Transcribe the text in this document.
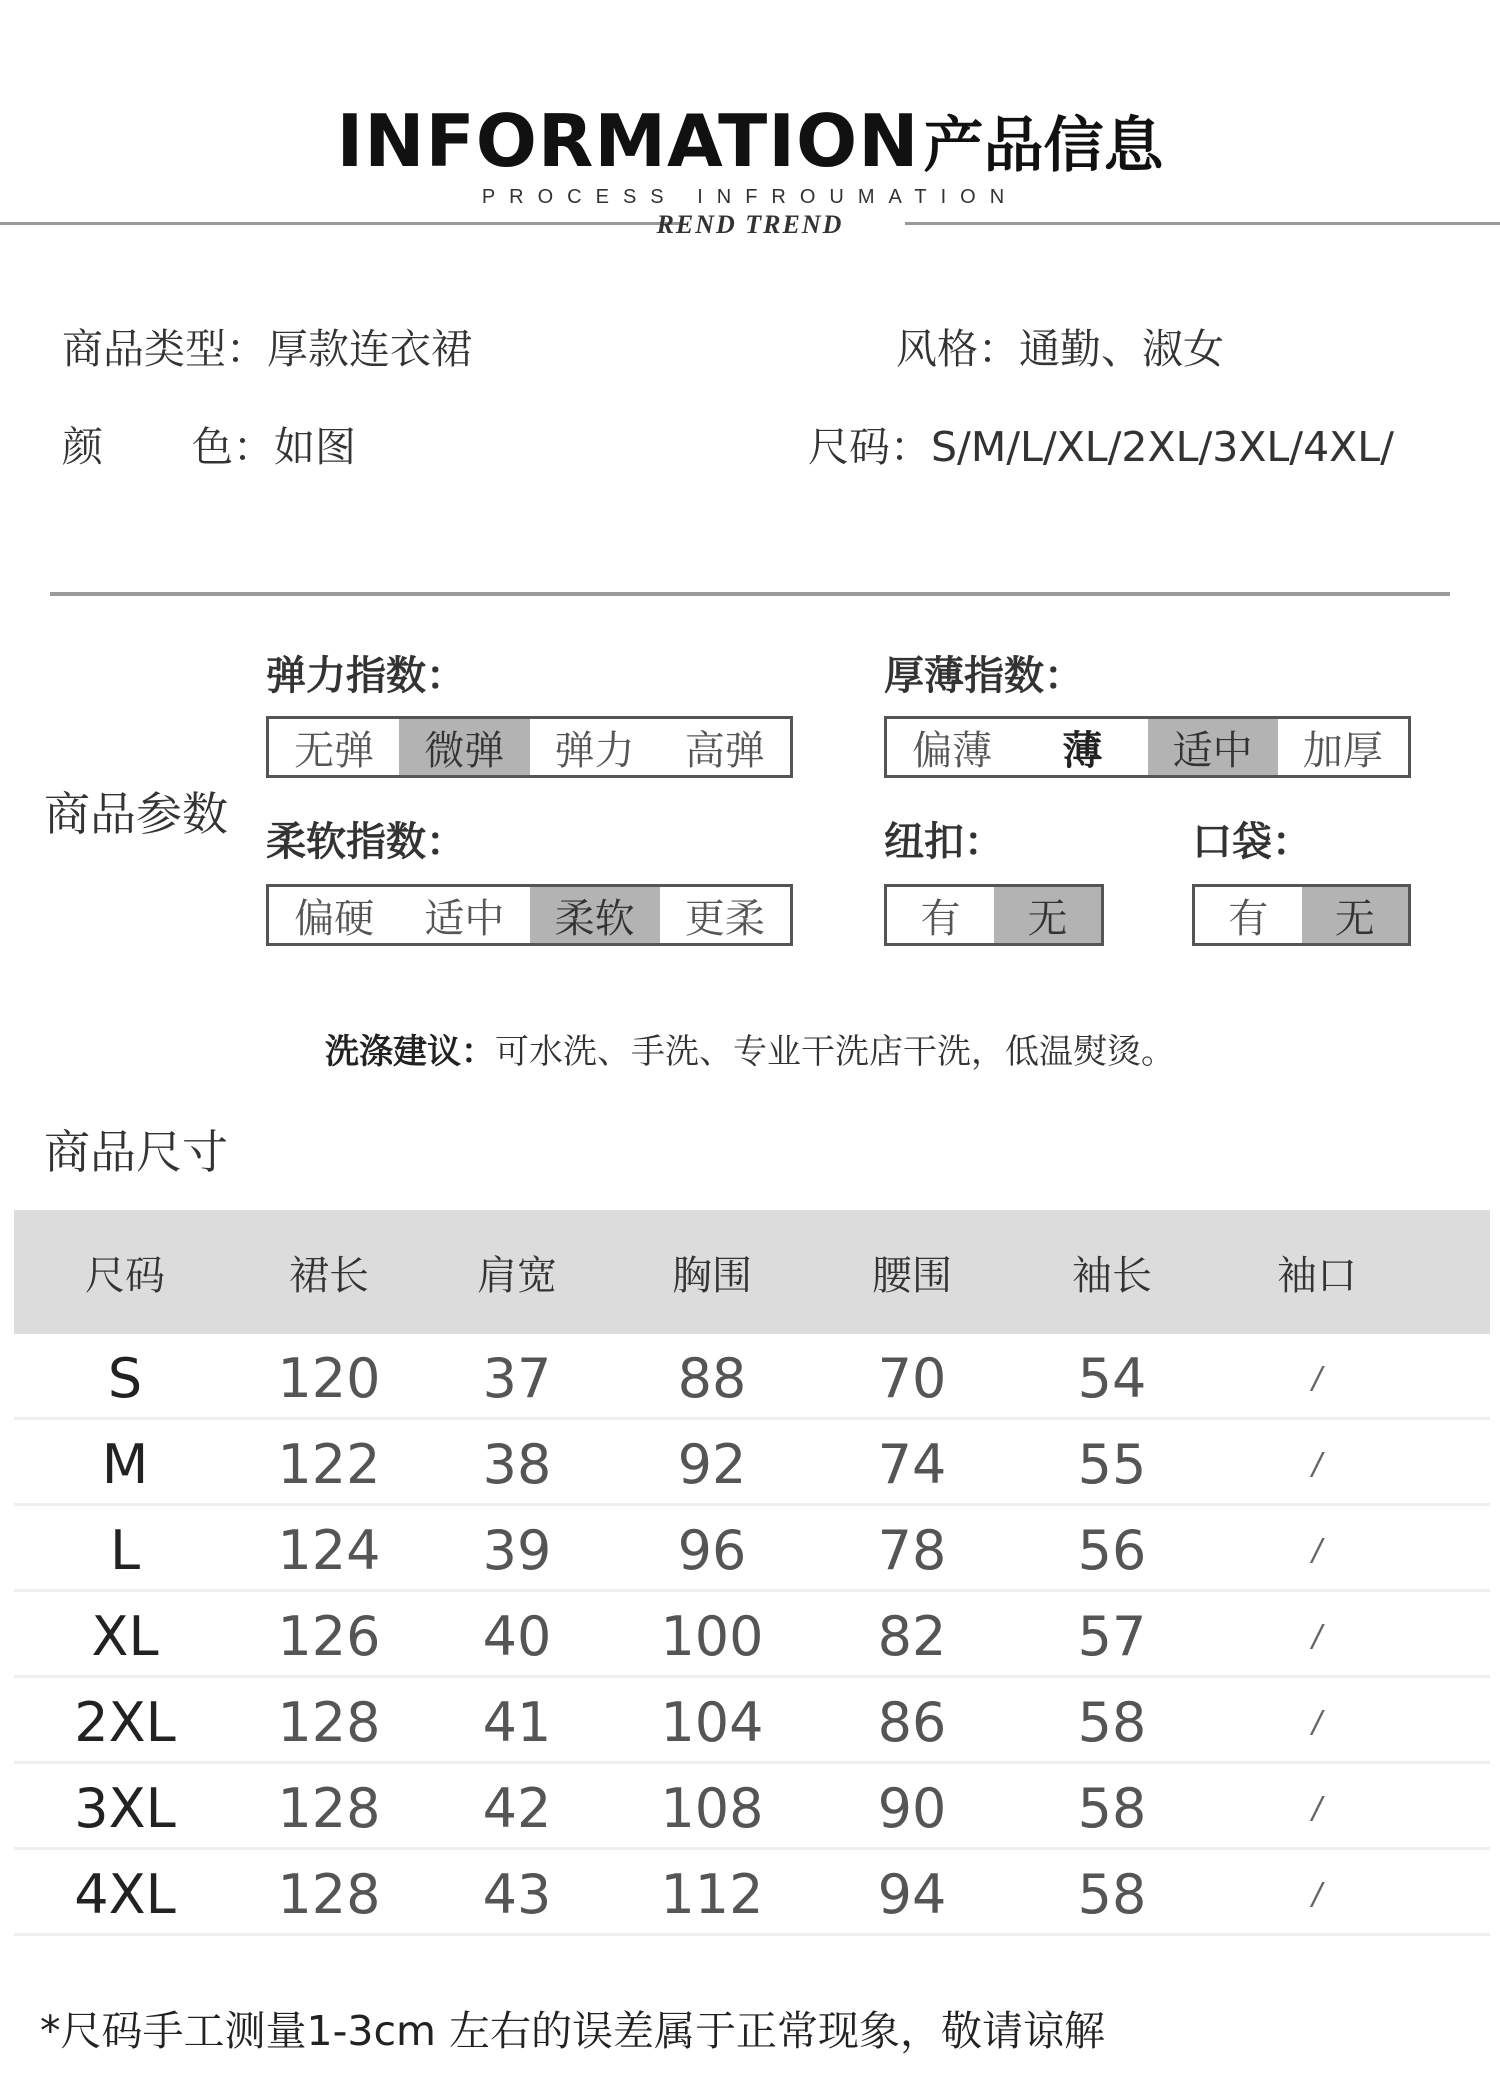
INFORMATION产品信息
PROCESS INFROUMATION
REND TREND
商品类型：厚款连衣裙	风格：通勤、淑女
颜 色：如图	尺码：S/M/L/XL/2XL/3XL/4XL/
商品参数
弹力指数：
无弹	微弹	弹力	高弹
厚薄指数：
偏薄	薄	适中	加厚
柔软指数：
偏硬	适中	柔软	更柔
纽扣：
有	无
口袋：
有	无
洗涤建议：可水洗、手洗、专业干洗店干洗，低温熨烫。
商品尺寸
尺码	裙长	肩宽	胸围	腰围	袖长	袖口
S	120	37	88	70	54	/
M	122	38	92	74	55	/
L	124	39	96	78	56	/
XL	126	40	100	82	57	/
2XL	128	41	104	86	58	/
3XL	128	42	108	90	58	/
4XL	128	43	112	94	58	/
*尺码手工测量1-3cm 左右的误差属于正常现象，敬请谅解
